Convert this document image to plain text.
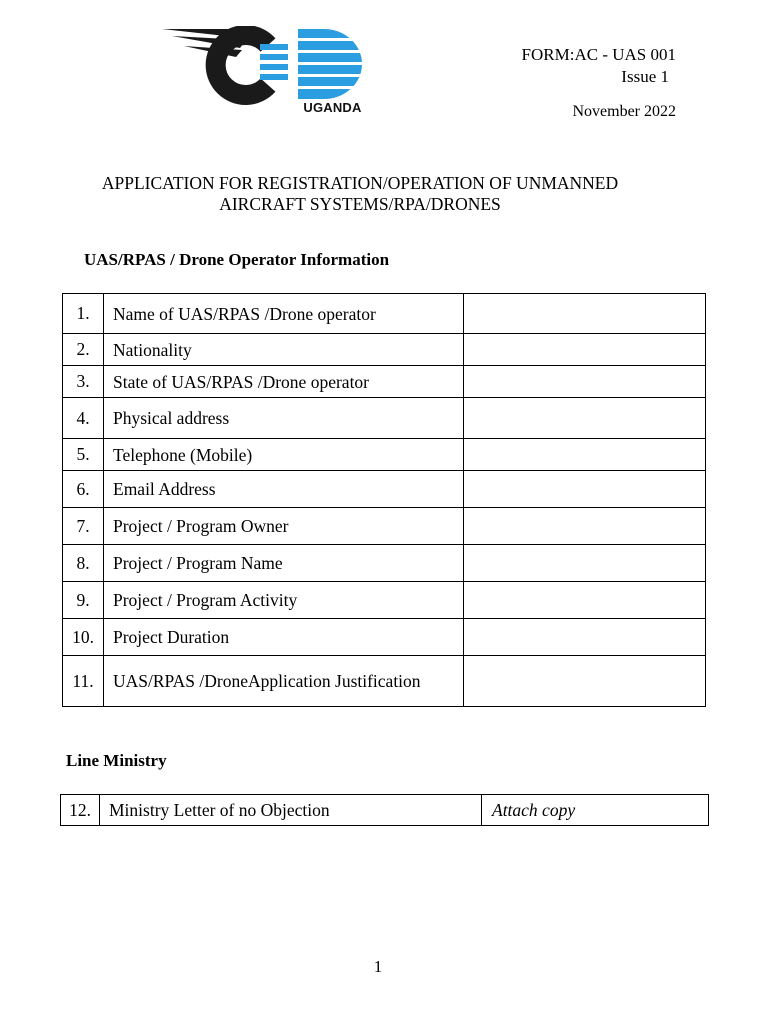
UGANDA
FORM:AC - UAS 001
Issue 1
November 2022
APPLICATION FOR REGISTRATION/OPERATION OF UNMANNED
AIRCRAFT SYSTEMS/RPA/DRONES
UAS/RPAS / Drone Operator Information
1.	Name of UAS/RPAS /Drone operator	
2.	Nationality	
3.	State of UAS/RPAS /Drone operator	
4.	Physical address	
5.	Telephone (Mobile)	
6.	Email Address	
7.	Project / Program Owner	
8.	Project / Program Name	
9.	Project / Program Activity	
10.	Project Duration	
11.	UAS/RPAS /DroneApplication Justification	
Line Ministry
12.	Ministry Letter of no Objection	Attach copy
1
